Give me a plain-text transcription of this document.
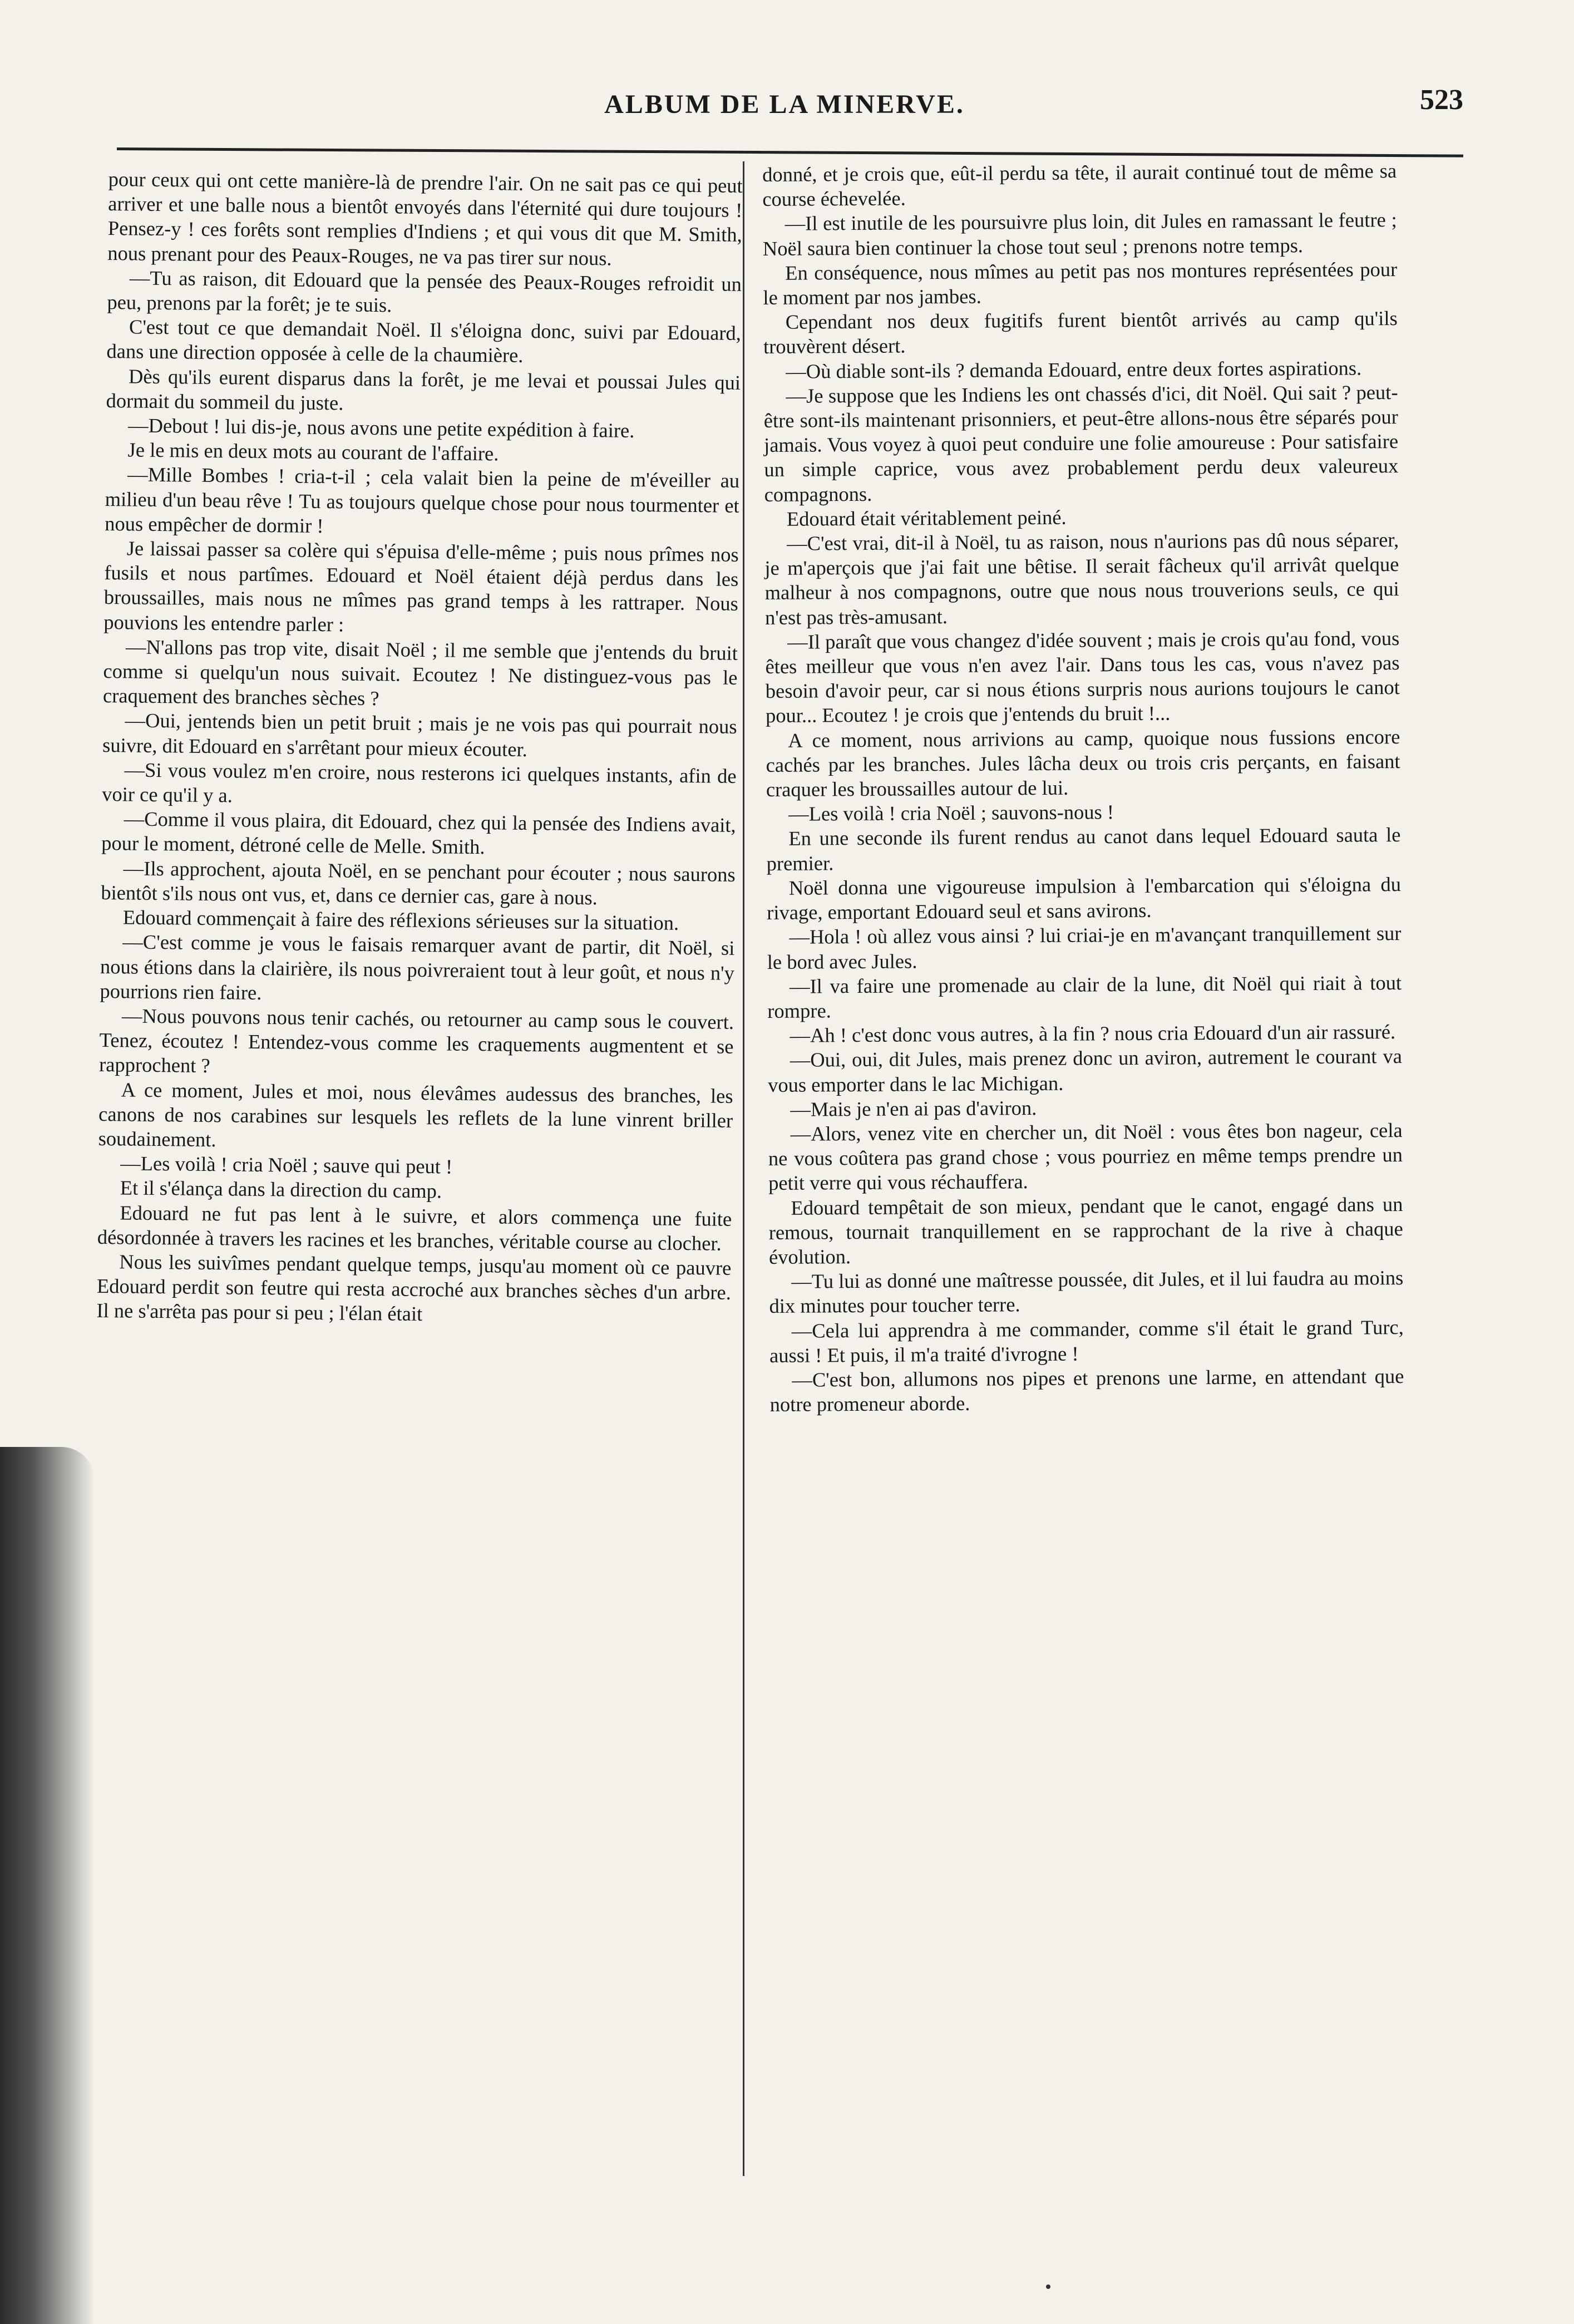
ALBUM DE LA MINERVE.	523

pour ceux qui ont cette manière-là de prendre l'air. On ne sait pas ce qui peut arriver et une balle nous a bientôt envoyés dans l'éternité qui dure toujours ! Pensez-y ! ces forêts sont remplies d'Indiens ; et qui vous dit que M. Smith, nous prenant pour des Peaux-Rouges, ne va pas tirer sur nous.

—Tu as raison, dit Edouard que la pensée des Peaux-Rouges refroidit un peu, prenons par la forêt; je te suis.

C'est tout ce que demandait Noël. Il s'éloigna donc, suivi par Edouard, dans une direction opposée à celle de la chaumière.

Dès qu'ils eurent disparus dans la forêt, je me levai et poussai Jules qui dormait du sommeil du juste.

—Debout ! lui dis-je, nous avons une petite expédition à faire.

Je le mis en deux mots au courant de l'affaire.

—Mille Bombes ! cria-t-il ; cela valait bien la peine de m'éveiller au milieu d'un beau rêve ! Tu as toujours quelque chose pour nous tourmenter et nous empêcher de dormir !

Je laissai passer sa colère qui s'épuisa d'elle-même ; puis nous prîmes nos fusils et nous partîmes. Edouard et Noël étaient déjà perdus dans les broussailles, mais nous ne mîmes pas grand temps à les rattraper. Nous pouvions les entendre parler :

—N'allons pas trop vite, disait Noël ; il me semble que j'entends du bruit comme si quelqu'un nous suivait. Ecoutez ! Ne distinguez-vous pas le craquement des branches sèches ?

—Oui, jentends bien un petit bruit ; mais je ne vois pas qui pourrait nous suivre, dit Edouard en s'arrêtant pour mieux écouter.

—Si vous voulez m'en croire, nous resterons ici quelques instants, afin de voir ce qu'il y a.

—Comme il vous plaira, dit Edouard, chez qui la pensée des Indiens avait, pour le moment, détroné celle de Melle. Smith.

—Ils approchent, ajouta Noël, en se penchant pour écouter ; nous saurons bientôt s'ils nous ont vus, et, dans ce dernier cas, gare à nous.

Edouard commençait à faire des réflexions sérieuses sur la situation.

—C'est comme je vous le faisais remarquer avant de partir, dit Noël, si nous étions dans la clairière, ils nous poivreraient tout à leur goût, et nous n'y pourrions rien faire.

—Nous pouvons nous tenir cachés, ou retourner au camp sous le couvert. Tenez, écoutez ! Entendez-vous comme les craquements augmentent et se rapprochent ?

A ce moment, Jules et moi, nous élevâmes audessus des branches, les canons de nos carabines sur lesquels les reflets de la lune vinrent briller soudainement.

—Les voilà ! cria Noël ; sauve qui peut !

Et il s'élança dans la direction du camp.

Edouard ne fut pas lent à le suivre, et alors commença une fuite désordonnée à travers les racines et les branches, véritable course au clocher.

Nous les suivîmes pendant quelque temps, jusqu'au moment où ce pauvre Edouard perdit son feutre qui resta accroché aux branches sèches d'un arbre. Il ne s'arrêta pas pour si peu ; l'élan était

donné, et je crois que, eût-il perdu sa tête, il aurait continué tout de même sa course échevelée.

—Il est inutile de les poursuivre plus loin, dit Jules en ramassant le feutre ; Noël saura bien continuer la chose tout seul ; prenons notre temps.

En conséquence, nous mîmes au petit pas nos montures représentées pour le moment par nos jambes.

Cependant nos deux fugitifs furent bientôt arrivés au camp qu'ils trouvèrent désert.

—Où diable sont-ils ? demanda Edouard, entre deux fortes aspirations.

—Je suppose que les Indiens les ont chassés d'ici, dit Noël. Qui sait ? peut-être sont-ils maintenant prisonniers, et peut-être allons-nous être séparés pour jamais. Vous voyez à quoi peut conduire une folie amoureuse : Pour satisfaire un simple caprice, vous avez probablement perdu deux valeureux compagnons.

Edouard était véritablement peiné.

—C'est vrai, dit-il à Noël, tu as raison, nous n'aurions pas dû nous séparer, je m'aperçois que j'ai fait une bêtise. Il serait fâcheux qu'il arrivât quelque malheur à nos compagnons, outre que nous nous trouverions seuls, ce qui n'est pas très-amusant.

—Il paraît que vous changez d'idée souvent ; mais je crois qu'au fond, vous êtes meilleur que vous n'en avez l'air. Dans tous les cas, vous n'avez pas besoin d'avoir peur, car si nous étions surpris nous aurions toujours le canot pour... Ecoutez ! je crois que j'entends du bruit !...

A ce moment, nous arrivions au camp, quoique nous fussions encore cachés par les branches. Jules lâcha deux ou trois cris perçants, en faisant craquer les broussailles autour de lui.

—Les voilà ! cria Noël ; sauvons-nous !

En une seconde ils furent rendus au canot dans lequel Edouard sauta le premier.

Noël donna une vigoureuse impulsion à l'embarcation qui s'éloigna du rivage, emportant Edouard seul et sans avirons.

—Hola ! où allez vous ainsi ? lui criai-je en m'avançant tranquillement sur le bord avec Jules.

—Il va faire une promenade au clair de la lune, dit Noël qui riait à tout rompre.

—Ah ! c'est donc vous autres, à la fin ? nous cria Edouard d'un air rassuré.

—Oui, oui, dit Jules, mais prenez donc un aviron, autrement le courant va vous emporter dans le lac Michigan.

—Mais je n'en ai pas d'aviron.

—Alors, venez vite en chercher un, dit Noël : vous êtes bon nageur, cela ne vous coûtera pas grand chose ; vous pourriez en même temps prendre un petit verre qui vous réchauffera.

Edouard tempêtait de son mieux, pendant que le canot, engagé dans un remous, tournait tranquillement en se rapprochant de la rive à chaque évolution.

—Tu lui as donné une maîtresse poussée, dit Jules, et il lui faudra au moins dix minutes pour toucher terre.

—Cela lui apprendra à me commander, comme s'il était le grand Turc, aussi ! Et puis, il m'a traité d'ivrogne !

—C'est bon, allumons nos pipes et prenons une larme, en attendant que notre promeneur aborde.
